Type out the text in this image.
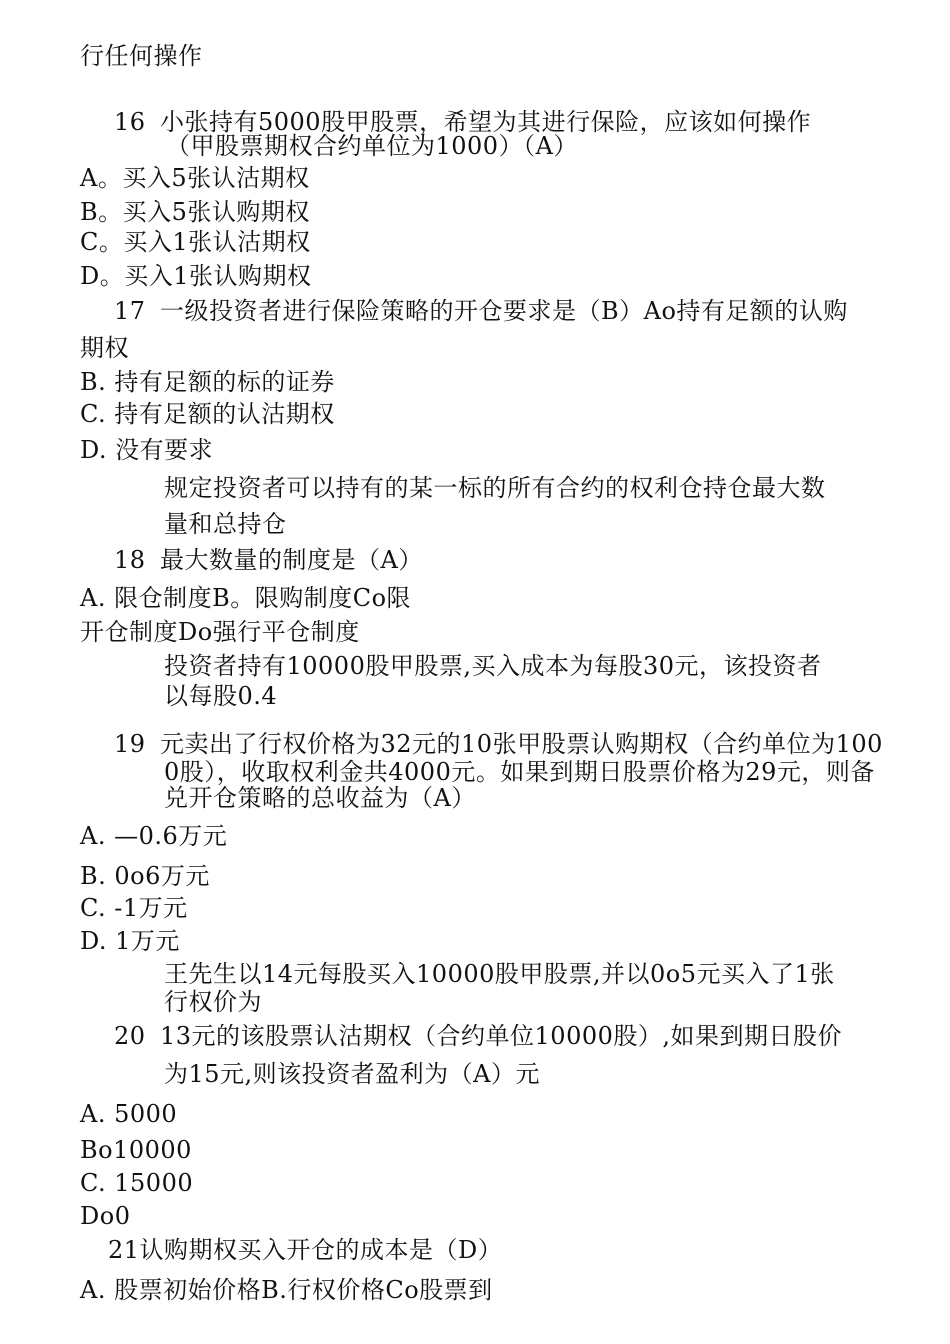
行任何操作
16 小张持有5000股甲股票，希望为其进行保险，应该如何操作
（甲股票期权合约单位为1000）（A）
A。买入5张认沽期权
B。买入5张认购期权
C。买入1张认沽期权
D。买入1张认购期权
17 一级投资者进行保险策略的开仓要求是（B）Ao持有足额的认购
期权
B. 持有足额的标的证券
C. 持有足额的认沽期权
D. 没有要求
规定投资者可以持有的某一标的所有合约的权利仓持仓最大数
量和总持仓
18 最大数量的制度是（A）
A. 限仓制度B。限购制度Co限
开仓制度Do强行平仓制度
投资者持有10000股甲股票,买入成本为每股30元，该投资者
以每股0.4
19 元卖出了行权价格为32元的10张甲股票认购期权（合约单位为100
0股），收取权利金共4000元。如果到期日股票价格为29元，则备
兑开仓策略的总收益为（A）
A. —0.6万元
B. 0o6万元
C. -1万元
D. 1万元
王先生以14元每股买入10000股甲股票,并以0o5元买入了1张
行权价为
20 13元的该股票认沽期权（合约单位10000股）,如果到期日股价
为15元,则该投资者盈利为（A）元
A. 5000
Bo10000
C. 15000
Do0
21认购期权买入开仓的成本是（D）
A. 股票初始价格B.行权价格Co股票到
